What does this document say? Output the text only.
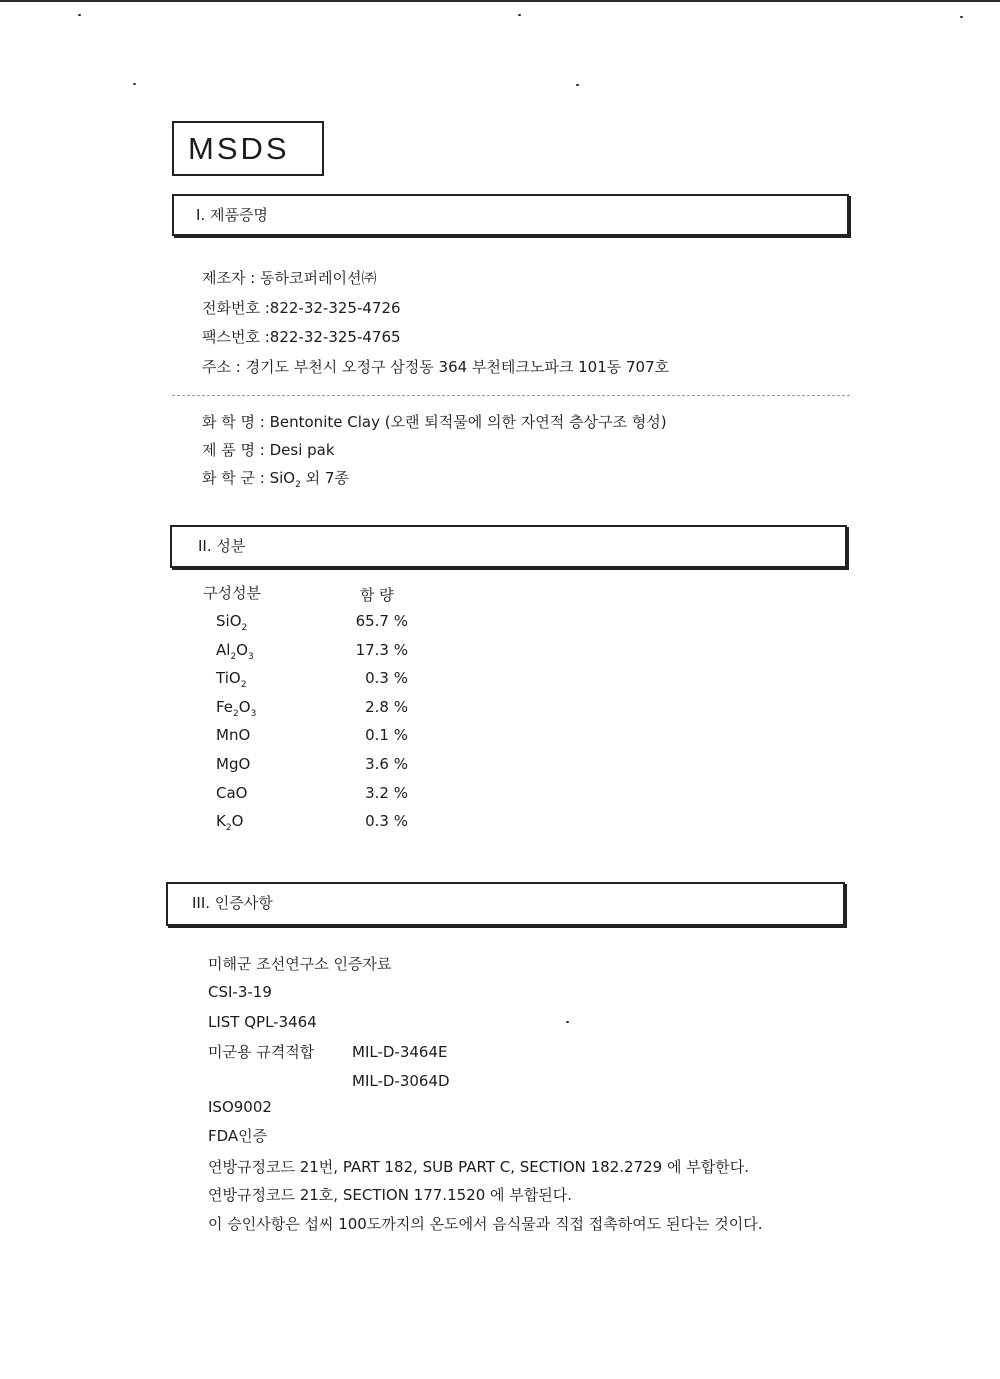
MSDS
I. 제품증명
제조자 : 동하코퍼레이션㈜
전화번호 :822-32-325-4726
팩스번호 :822-32-325-4765
주소 : 경기도 부천시 오정구 삼정동 364 부천테크노파크 101동 707호
화 학 명 : Bentonite Clay (오랜 퇴적물에 의한 자연적 층상구조 형성)
제 품 명 : Desi pak
화 학 군 : SiO$_2$ 외 7종
II. 성분
구성성분	함 량
SiO$_2$	65.7 %
$Al_2O_3$	17.3 %
TiO$_2$	0.3 %
$Fe_2O_3$	2.8 %
MnO	0.1 %
MgO	3.6 %
CaO	3.2 %
$K_2O$	0.3 %
III. 인증사항
미해군 조선연구소 인증자료
CSI-3-19
LIST QPL-3464
미군용 규격적합	MIL-D-3464E
MIL-D-3064D
ISO9002
FDA인증
연방규정코드 21번, PART 182, SUB PART C, SECTION 182.2729 에 부합한다.
연방규정코드 21호, SECTION 177.1520 에 부합된다.
이 승인사항은 섭씨 100도까지의 온도에서 음식물과 직접 접촉하여도 된다는 것이다.
